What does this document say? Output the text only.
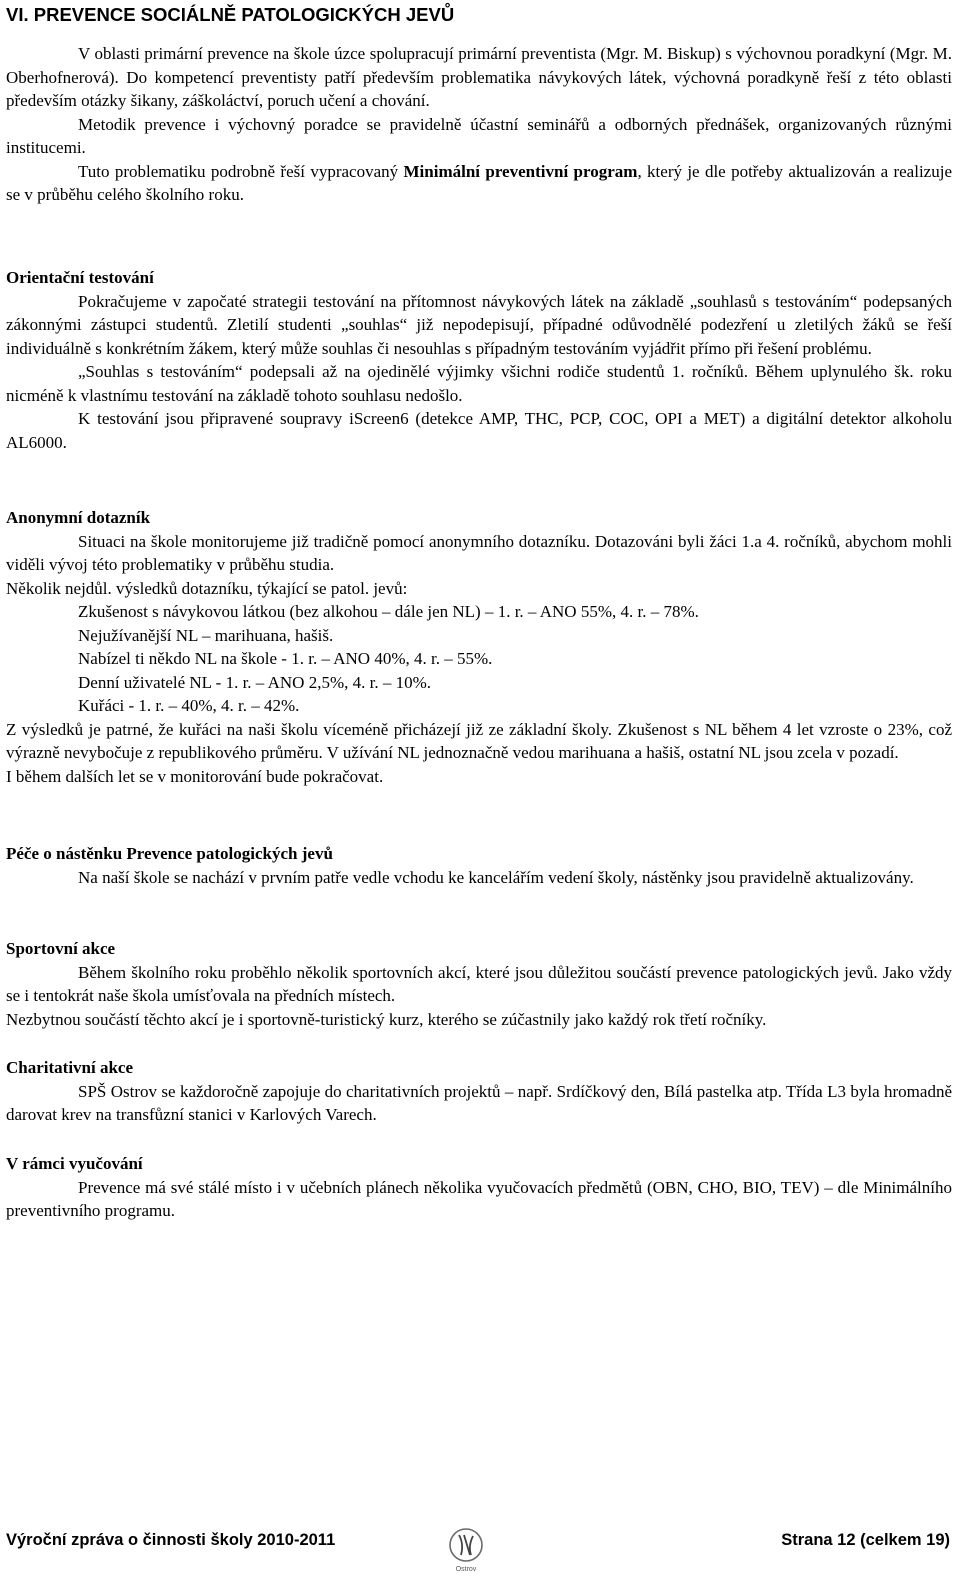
VI. PREVENCE SOCIÁLNĚ PATOLOGICKÝCH JEVŮ

V oblasti primární prevence na škole úzce spolupracují primární preventista (Mgr. M. Biskup) s výchovnou poradkyní (Mgr. M. Oberhofnerová). Do kompetencí preventisty patří především problematika návykových látek, výchovná poradkyně řeší z této oblasti především otázky šikany, záškoláctví, poruch učení a chování.

Metodik prevence i výchovný poradce se pravidelně účastní seminářů a odborných přednášek, organizovaných různými institucemi.

Tuto problematiku podrobně řeší vypracovaný Minimální preventivní program, který je dle potřeby aktualizován a realizuje se v průběhu celého školního roku.

Orientační testování

Pokračujeme v započaté strategii testování na přítomnost návykových látek na základě „souhlasů s testováním“ podepsaných zákonnými zástupci studentů. Zletilí studenti „souhlas“ již nepodepisují, případné odůvodnělé podezření u zletilých žáků se řeší individuálně s konkrétním žákem, který může souhlas či nesouhlas s případným testováním vyjádřit přímo při řešení problému.

„Souhlas s testováním“ podepsali až na ojedinělé výjimky všichni rodiče studentů 1. ročníků. Během uplynulého šk. roku nicméně k vlastnímu testování na základě tohoto souhlasu nedošlo.

K testování jsou připravené soupravy iScreen6 (detekce AMP, THC, PCP, COC, OPI a MET) a digitální detektor alkoholu AL6000.

Anonymní dotazník

Situaci na škole monitorujeme již tradičně pomocí anonymního dotazníku. Dotazováni byli žáci 1.a 4. ročníků, abychom mohli viděli vývoj této problematiky v průběhu studia.

Několik nejdůl. výsledků dotazníku, týkající se patol. jevů:

Zkušenost s návykovou látkou (bez alkohou – dále jen NL) – 1. r. – ANO 55%, 4. r. – 78%.

Nejužívanější NL – marihuana, hašiš.

Nabízel ti někdo NL na škole - 1. r. – ANO 40%, 4. r. – 55%.

Denní uživatelé NL - 1. r. – ANO 2,5%, 4. r. – 10%.

Kuřáci - 1. r. – 40%, 4. r. – 42%.

Z výsledků je patrné, že kuřáci na naši školu víceméně přicházejí již ze základní školy. Zkušenost s NL během 4 let vzroste o 23%, což výrazně nevybočuje z republikového průměru. V užívání NL jednoznačně vedou marihuana a hašiš, ostatní NL jsou zcela v pozadí.

I během dalších let se v monitorování bude pokračovat.

Péče o nástěnku Prevence patologických jevů

Na naší škole se nachází v prvním patře vedle vchodu ke kancelářím vedení školy, nástěnky jsou pravidelně aktualizovány.

Sportovní akce

Během školního roku proběhlo několik sportovních akcí, které jsou důležitou součástí prevence patologických jevů. Jako vždy se i tentokrát naše škola umísťovala na předních místech.

Nezbytnou součástí těchto akcí je i sportovně-turistický kurz, kterého se zúčastnily jako každý rok třetí ročníky.

Charitativní akce

SPŠ Ostrov se každoročně zapojuje do charitativních projektů – např. Srdíčkový den, Bílá pastelka atp. Třída L3 byla hromadně darovat krev na transfůzní stanici v Karlových Varech.

V rámci vyučování

Prevence má své stálé místo i v učebních plánech několika vyučovacích předmětů (OBN, CHO, BIO, TEV) – dle Minimálního preventivního programu.

Výroční zpráva o činnosti školy 2010-2011
Ostrov
Strana 12 (celkem 19)
